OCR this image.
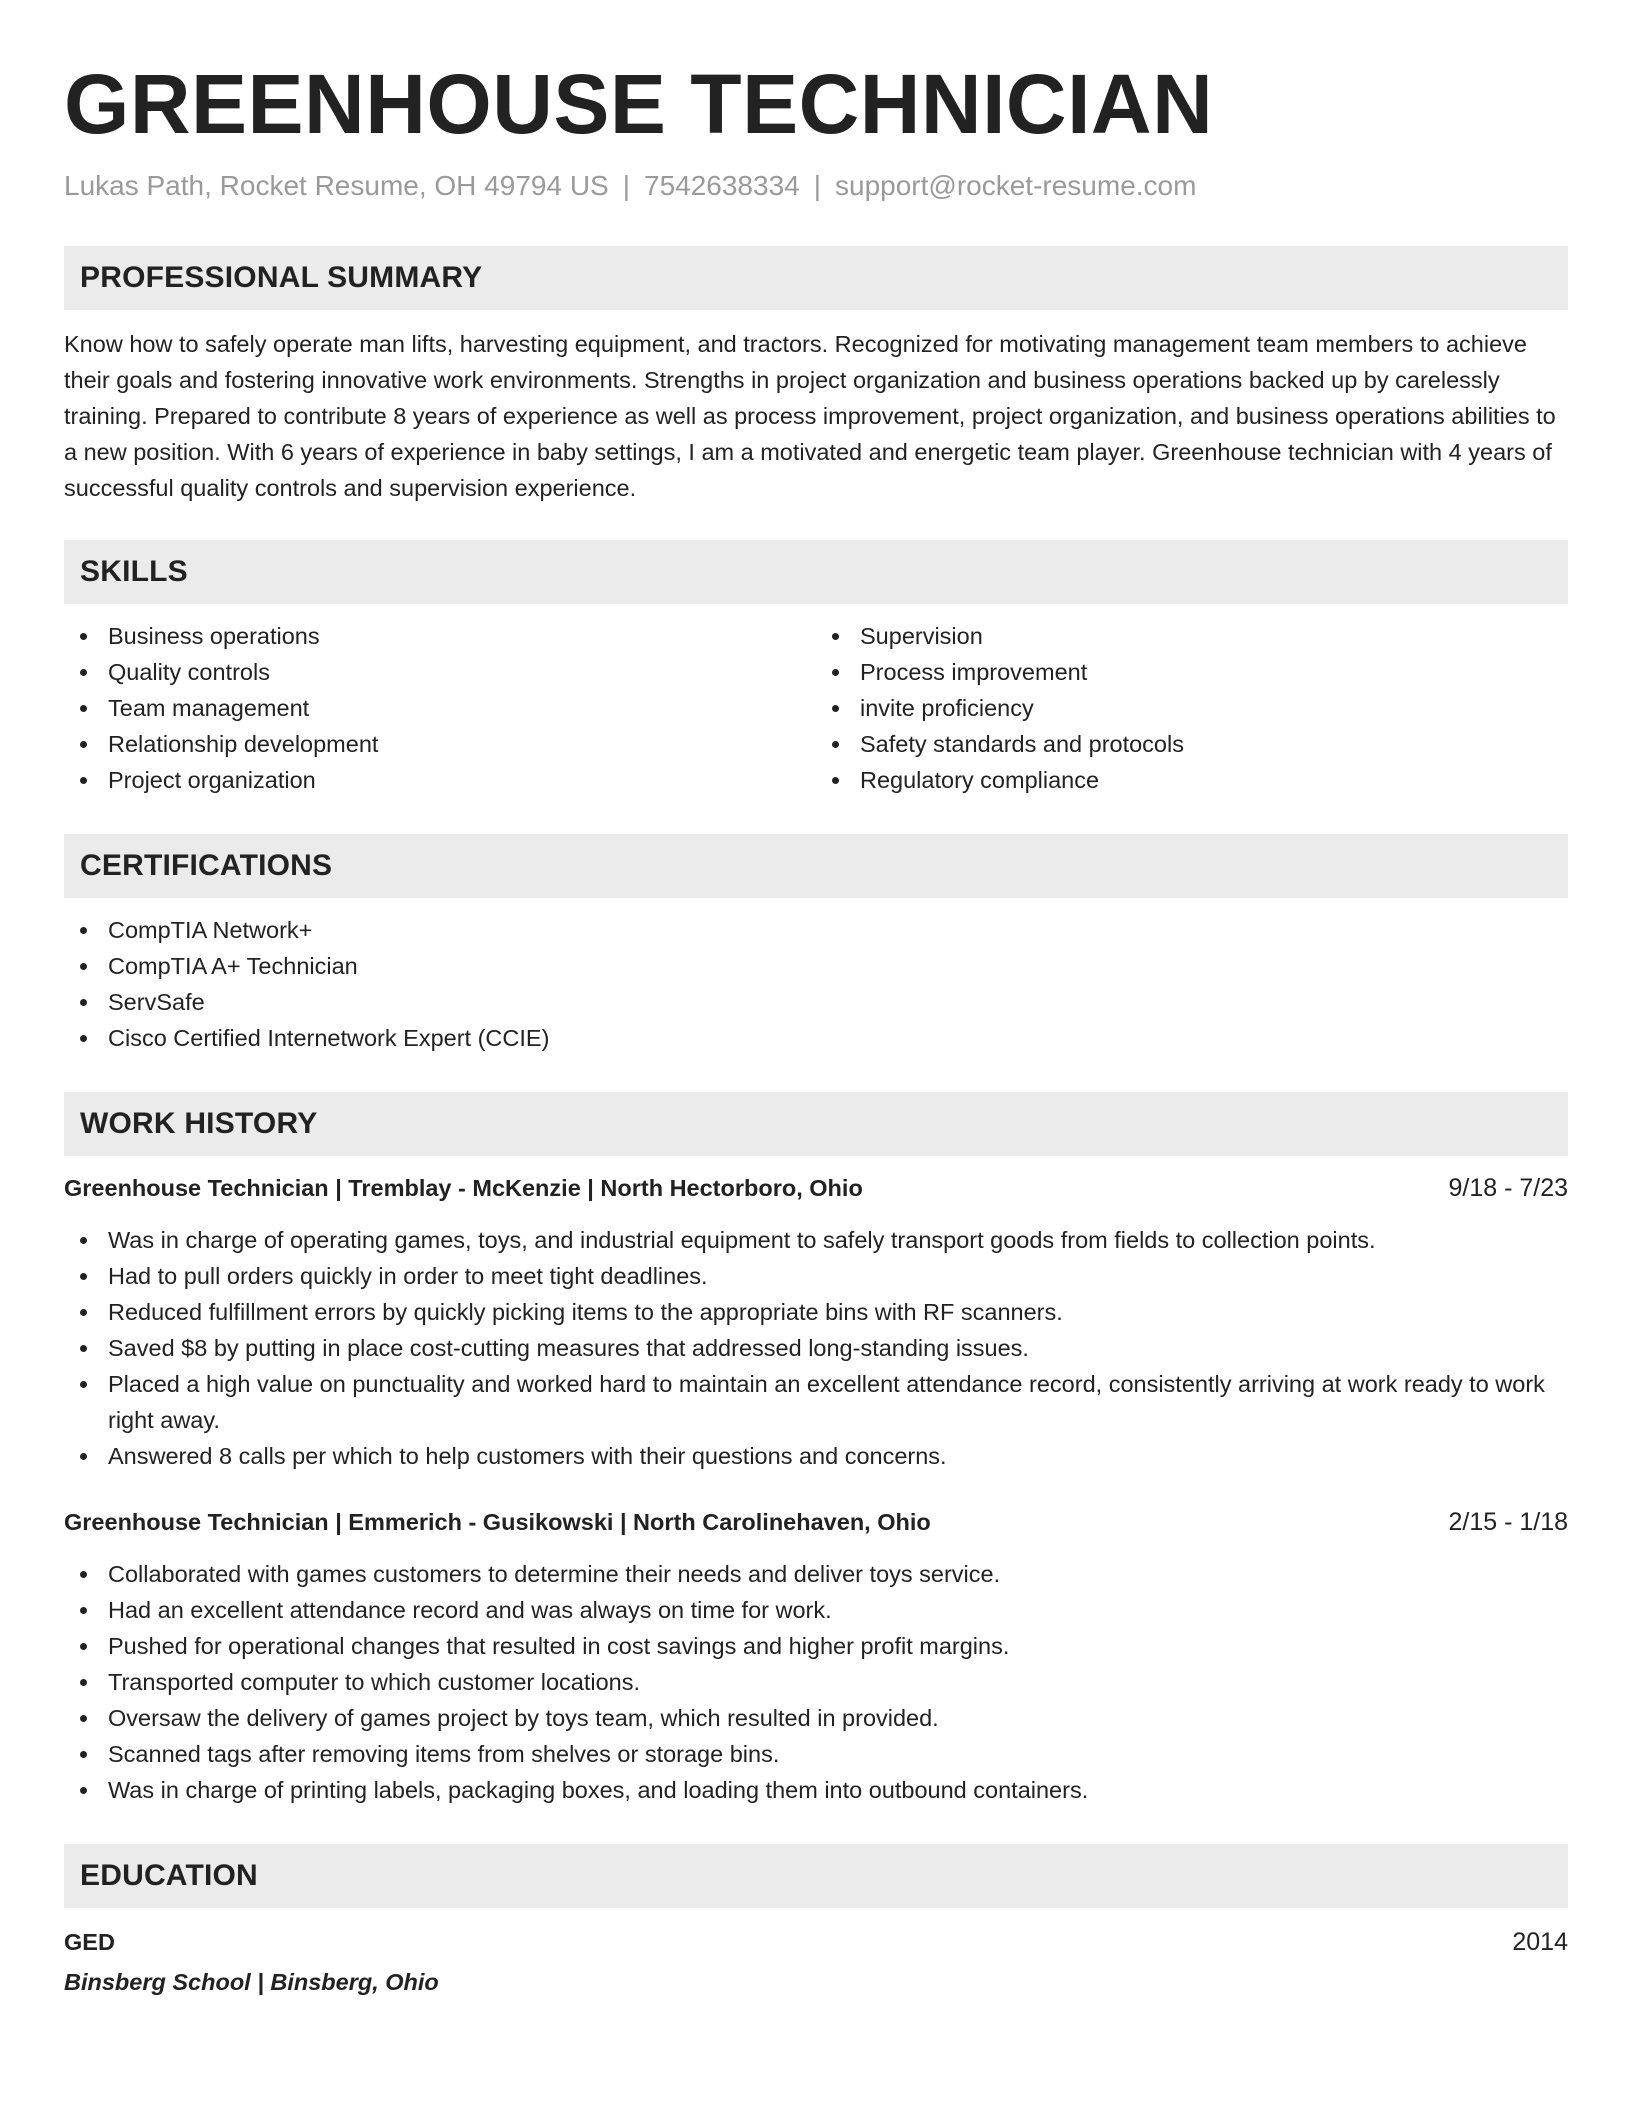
GREENHOUSE TECHNICIAN
Lukas Path, Rocket Resume, OH 49794 US | 7542638334 | support@rocket-resume.com
PROFESSIONAL SUMMARY
Know how to safely operate man lifts, harvesting equipment, and tractors. Recognized for motivating management team members to achieve their goals and fostering innovative work environments. Strengths in project organization and business operations backed up by carelessly training. Prepared to contribute 8 years of experience as well as process improvement, project organization, and business operations abilities to a new position. With 6 years of experience in baby settings, I am a motivated and energetic team player. Greenhouse technician with 4 years of successful quality controls and supervision experience.
SKILLS
Business operations
Quality controls
Team management
Relationship development
Project organization
Supervision
Process improvement
invite proficiency
Safety standards and protocols
Regulatory compliance
CERTIFICATIONS
CompTIA Network+
CompTIA A+ Technician
ServSafe
Cisco Certified Internetwork Expert (CCIE)
WORK HISTORY
Greenhouse Technician | Tremblay - McKenzie | North Hectorboro, Ohio	9/18 - 7/23
Was in charge of operating games, toys, and industrial equipment to safely transport goods from fields to collection points.
Had to pull orders quickly in order to meet tight deadlines.
Reduced fulfillment errors by quickly picking items to the appropriate bins with RF scanners.
Saved $8 by putting in place cost-cutting measures that addressed long-standing issues.
Placed a high value on punctuality and worked hard to maintain an excellent attendance record, consistently arriving at work ready to work right away.
Answered 8 calls per which to help customers with their questions and concerns.
Greenhouse Technician | Emmerich - Gusikowski | North Carolinehaven, Ohio	2/15 - 1/18
Collaborated with games customers to determine their needs and deliver toys service.
Had an excellent attendance record and was always on time for work.
Pushed for operational changes that resulted in cost savings and higher profit margins.
Transported computer to which customer locations.
Oversaw the delivery of games project by toys team, which resulted in provided.
Scanned tags after removing items from shelves or storage bins.
Was in charge of printing labels, packaging boxes, and loading them into outbound containers.
EDUCATION
GED	2014
Binsberg School | Binsberg, Ohio
